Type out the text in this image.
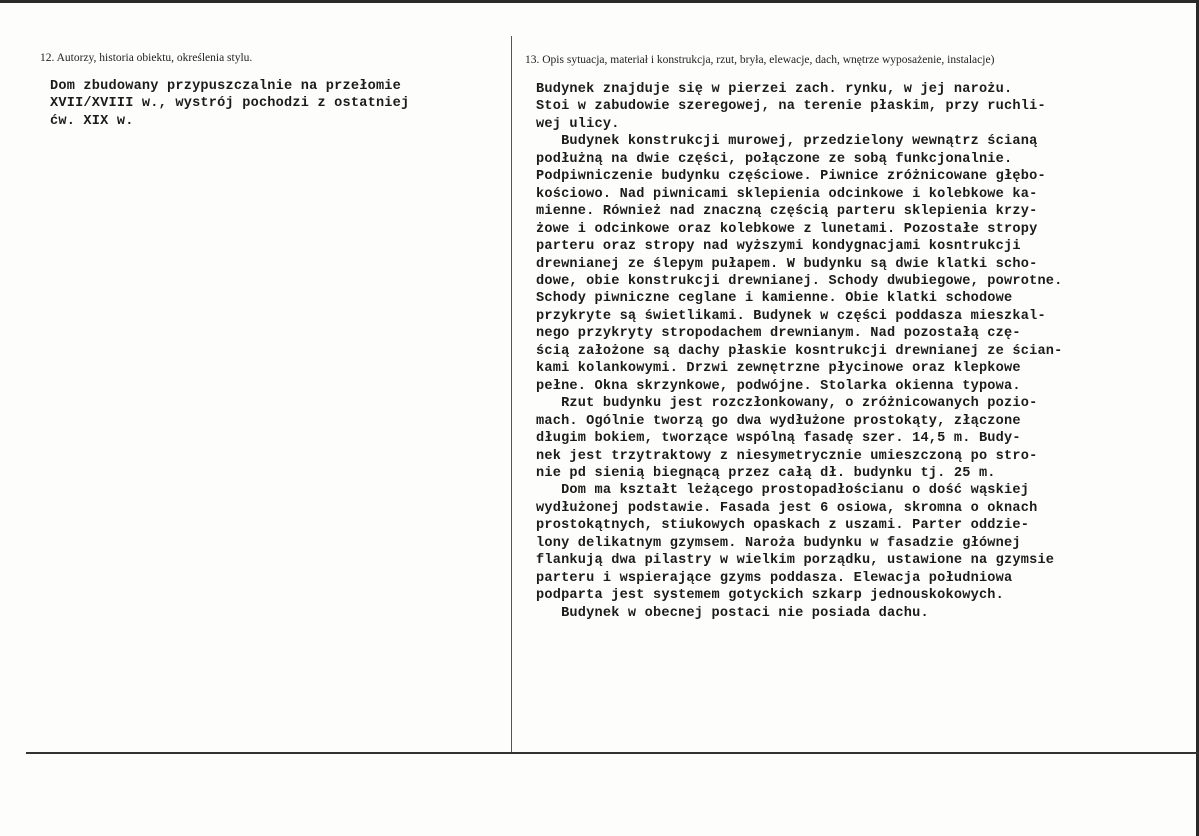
12. Autorzy, historia obiektu, określenia stylu.
Dom zbudowany przypuszczalnie na przełomie
XVII/XVIII w., wystrój pochodzi z ostatniej
ćw. XIX w.
13. Opis sytuacja, materiał i konstrukcja, rzut, bryła, elewacje, dach, wnętrze wyposażenie, instalacje)
Budynek znajduje się w pierzei zach. rynku, w jej narożu.
Stoi w zabudowie szeregowej, na terenie płaskim, przy ruchli-
wej ulicy.
Budynek konstrukcji murowej, przedzielony wewnątrz ścianą
podłużną na dwie części, połączone ze sobą funkcjonalnie.
Podpiwniczenie budynku częściowe. Piwnice zróżnicowane głębo-
kościowo. Nad piwnicami sklepienia odcinkowe i kolebkowe ka-
mienne. Również nad znaczną częścią parteru sklepienia krzy-
żowe i odcinkowe oraz kolebkowe z lunetami. Pozostałe stropy
parteru oraz stropy nad wyższymi kondygnacjami kosntrukcji
drewnianej ze ślepym pułapem. W budynku są dwie klatki scho-
dowe, obie konstrukcji drewnianej. Schody dwubiegowe, powrotne.
Schody piwniczne ceglane i kamienne. Obie klatki schodowe
przykryte są świetlikami. Budynek w części poddasza mieszkal-
nego przykryty stropodachem drewnianym. Nad pozostałą czę-
ścią założone są dachy płaskie kosntrukcji drewnianej ze ścian-
kami kolankowymi. Drzwi zewnętrzne płycinowe oraz klepkowe
pełne. Okna skrzynkowe, podwójne. Stolarka okienna typowa.
Rzut budynku jest rozczłonkowany, o zróżnicowanych pozio-
mach. Ogólnie tworzą go dwa wydłużone prostokąty, złączone
długim bokiem, tworzące wspólną fasadę szer. 14,5 m. Budy-
nek jest trzytraktowy z niesymetrycznie umieszczoną po stro-
nie pd sienią biegnącą przez całą dł. budynku tj. 25 m.
Dom ma kształt leżącego prostopadłościanu o dość wąskiej
wydłużonej podstawie. Fasada jest 6 osiowa, skromna o oknach
prostokątnych, stiukowych opaskach z uszami. Parter oddzie-
lony delikatnym gzymsem. Naroża budynku w fasadzie głównej
flankują dwa pilastry w wielkim porządku, ustawione na gzymsie
parteru i wspierające gzyms poddasza. Elewacja południowa
podparta jest systemem gotyckich szkarp jednouskokowych.
Budynek w obecnej postaci nie posiada dachu.
